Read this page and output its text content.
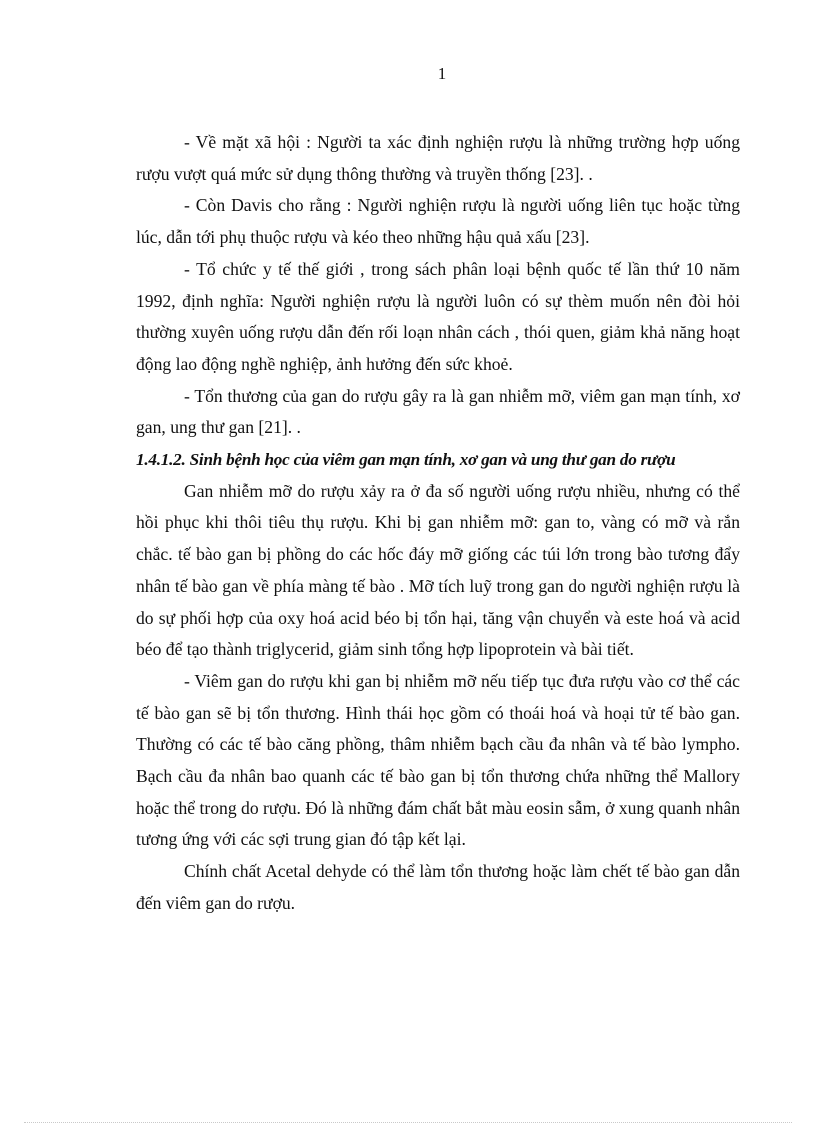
1

- Về mặt xã hội : Người ta xác định nghiện rượu là những trường hợp uống rượu vượt quá mức sử dụng thông thường và truyền thống [23]. .

- Còn Davis cho rằng : Người nghiện rượu là người uống liên tục hoặc từng lúc, dẫn tới phụ thuộc rượu và kéo theo những hậu quả xấu [23].

- Tổ chức y tế thế giới , trong sách phân loại bệnh quốc tế lần thứ 10 năm 1992, định nghĩa: Người nghiện rượu là người luôn có sự thèm muốn nên đòi hỏi thường xuyên uống rượu dẫn đến rối loạn nhân cách , thói quen, giảm khả năng hoạt động lao động nghề nghiệp, ảnh hưởng đến sức khoẻ.

- Tổn thương của gan do rượu gây ra là gan nhiễm mỡ, viêm gan mạn tính, xơ gan, ung thư gan [21]. .

1.4.1.2. Sinh bệnh học của viêm gan mạn tính, xơ gan và ung thư gan do rượu

Gan nhiễm mỡ do rượu xảy ra ở đa số người uống rượu nhiều, nhưng có thể hồi phục khi thôi tiêu thụ rượu. Khi bị gan nhiễm mỡ: gan to, vàng có mỡ và rắn chắc. tế bào gan bị phồng do các hốc đáy mỡ giống các túi lớn trong bào tương đẩy nhân tế bào gan về phía màng tế bào . Mỡ tích luỹ trong gan do người nghiện rượu là do sự phối hợp của oxy hoá acid béo bị tổn hại, tăng vận chuyển và este hoá và acid béo để tạo thành triglycerid, giảm sinh tổng hợp lipoprotein và bài tiết.

- Viêm gan do rượu khi gan bị nhiễm mỡ nếu tiếp tục đưa rượu vào cơ thể các tế bào gan sẽ bị tổn thương. Hình thái học gồm có thoái hoá và hoại tử tế bào gan. Thường có các tế bào căng phồng, thâm nhiễm bạch cầu đa nhân và tế bào lympho. Bạch cầu đa nhân bao quanh các tế bào gan bị tổn thương chứa những thể Mallory hoặc thể trong do rượu. Đó là những đám chất bắt màu eosin sẫm, ở xung quanh nhân tương ứng với các sợi trung gian đó tập kết lại.

Chính chất Acetal dehyde có thể làm tổn thương hoặc làm chết tế bào gan dẫn đến viêm gan do rượu.
